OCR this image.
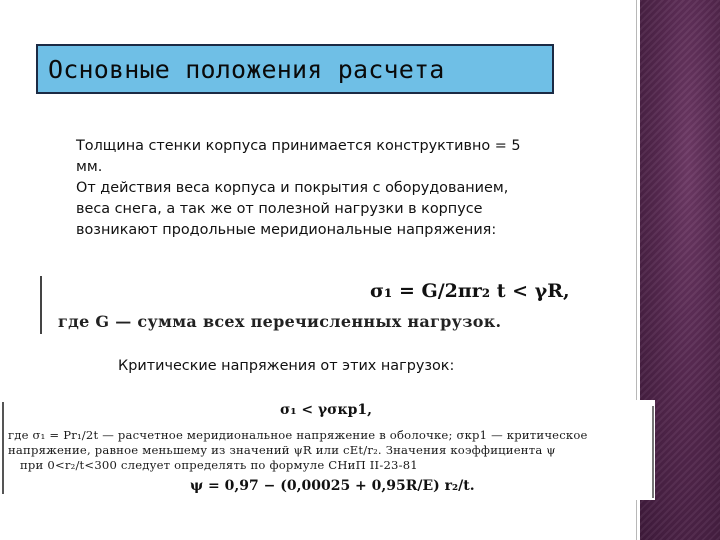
Основные положения расчета

Толщина стенки корпуса принимается конструктивно = 5

мм.

От действия веса корпуса и покрытия с оборудованием,

веса снега, а так же от полезной нагрузки в корпусе

возникают продольные меридиональные напряжения:

σ₁ = G/2πr₂ t < γR,
где G — сумма всех перечисленных нагрузок.
Критические напряжения от этих нагрузок:
σ₁ < γσкр1,
где σ₁ = Pr₁/2t — расчетное меридиональное напряжение в оболочке; σкр1 — критическое
напряжение, равное меньшему из значений ψR или cEt/r₂. Значения коэффициента ψ
при 0<r₂/t<300 следует определять по формуле СНиП II-23-81
ψ = 0,97 − (0,00025 + 0,95R/E) r₂/t.
